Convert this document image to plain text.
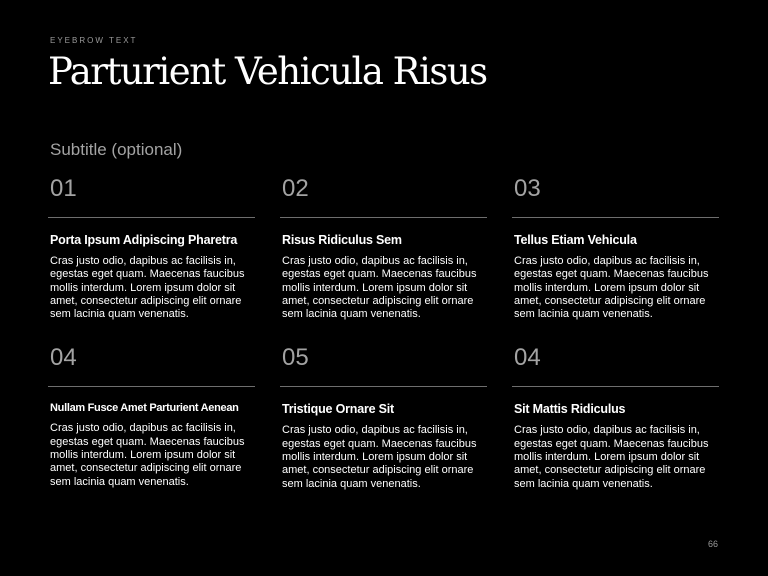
EYEBROW TEXT
Parturient Vehicula Risus
Subtitle (optional)
01
Porta Ipsum Adipiscing Pharetra
Cras justo odio, dapibus ac facilisis in, egestas eget quam. Maecenas faucibus mollis interdum. Lorem ipsum dolor sit amet, consectetur adipiscing elit ornare sem lacinia quam venenatis.
02
Risus Ridiculus Sem
Cras justo odio, dapibus ac facilisis in, egestas eget quam. Maecenas faucibus mollis interdum. Lorem ipsum dolor sit amet, consectetur adipiscing elit ornare sem lacinia quam venenatis.
03
Tellus Etiam Vehicula
Cras justo odio, dapibus ac facilisis in, egestas eget quam. Maecenas faucibus mollis interdum. Lorem ipsum dolor sit amet, consectetur adipiscing elit ornare sem lacinia quam venenatis.
04
Nullam Fusce Amet Parturient Aenean
Cras justo odio, dapibus ac facilisis in, egestas eget quam. Maecenas faucibus mollis interdum. Lorem ipsum dolor sit amet, consectetur adipiscing elit ornare sem lacinia quam venenatis.
05
Tristique Ornare Sit
Cras justo odio, dapibus ac facilisis in, egestas eget quam. Maecenas faucibus mollis interdum. Lorem ipsum dolor sit amet, consectetur adipiscing elit ornare sem lacinia quam venenatis.
04
Sit Mattis Ridiculus
Cras justo odio, dapibus ac facilisis in, egestas eget quam. Maecenas faucibus mollis interdum. Lorem ipsum dolor sit amet, consectetur adipiscing elit ornare sem lacinia quam venenatis.
66
